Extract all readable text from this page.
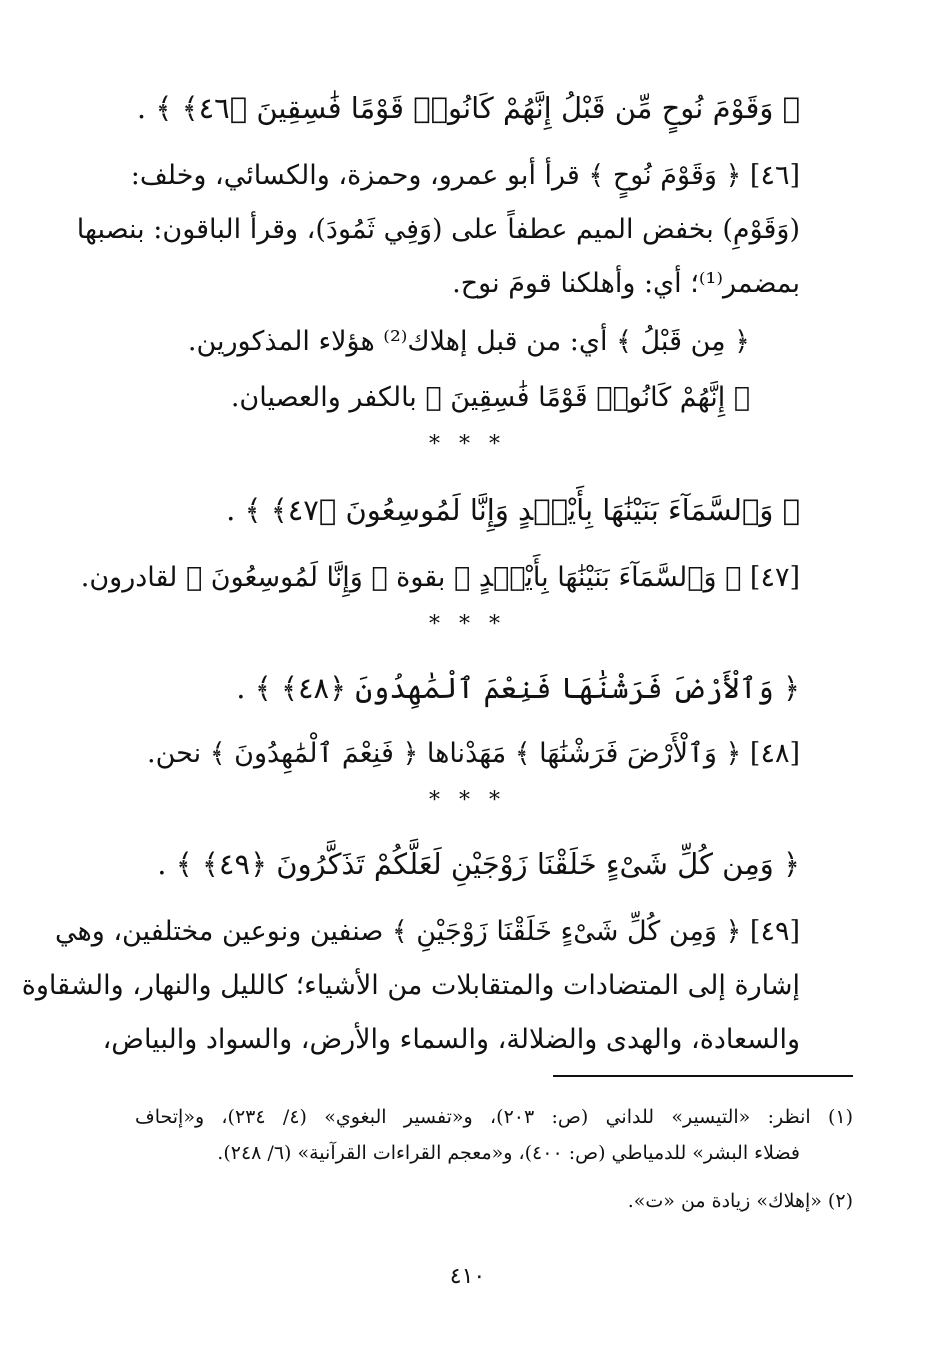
﴿ وَقَوْمَ نُوحٍ مِّن قَبْلُ إِنَّهُمْ كَانُوا۟ قَوْمًا فَٰسِقِينَ ﴿٤٦﴾ ﴾ .
[٤٦] ﴿ وَقَوْمَ نُوحٍ ﴾ قرأ أبو عمرو، وحمزة، والكسائي، وخلف:
(وَقَوْمِ) بخفض الميم عطفاً على (وَفِي ثَمُودَ)، وقرأ الباقون: بنصبها
بمضمر⁽¹⁾؛ أي: وأهلكنا قومَ نوح.
﴿ مِن قَبْلُ ﴾ أي: من قبل إهلاك⁽²⁾ هؤلاء المذكورين.
﴿ إِنَّهُمْ كَانُوا۟ قَوْمًا فَٰسِقِينَ ﴾ بالكفر والعصيان.
* * *
﴿ وَٱلسَّمَآءَ بَنَيْنَٰهَا بِأَيْي۟دٍ وَإِنَّا لَمُوسِعُونَ ﴿٤٧﴾ ﴾ .
[٤٧] ﴿ وَٱلسَّمَآءَ بَنَيْنَٰهَا بِأَيْي۟دٍ ﴾ بقوة ﴿ وَإِنَّا لَمُوسِعُونَ ﴾ لقادرون.
* * *
﴿ وَٱلْأَرْضَ فَرَشْنَٰهَا فَنِعْمَ ٱلْمَٰهِدُونَ ﴿٤٨﴾ ﴾ .
[٤٨] ﴿ وَٱلْأَرْضَ فَرَشْنَٰهَا ﴾ مَهَدْناها ﴿ فَنِعْمَ ٱلْمَٰهِدُونَ ﴾ نحن.
* * *
﴿ وَمِن كُلِّ شَىْءٍ خَلَقْنَا زَوْجَيْنِ لَعَلَّكُمْ تَذَكَّرُونَ ﴿٤٩﴾ ﴾ .
[٤٩] ﴿ وَمِن كُلِّ شَىْءٍ خَلَقْنَا زَوْجَيْنِ ﴾ صنفين ونوعين مختلفين، وهي
إشارة إلى المتضادات والمتقابلات من الأشياء؛ كالليل والنهار، والشقاوة
والسعادة، والهدى والضلالة، والسماء والأرض، والسواد والبياض،
(١) انظر: «التيسير» للداني (ص: ٢٠٣)، و«تفسير البغوي» (٤/ ٢٣٤)، و«إتحاف
فضلاء البشر» للدمياطي (ص: ٤٠٠)، و«معجم القراءات القرآنية» (٦/ ٢٤٨).
(٢) «إهلاك» زيادة من «ت».
٤١٠
